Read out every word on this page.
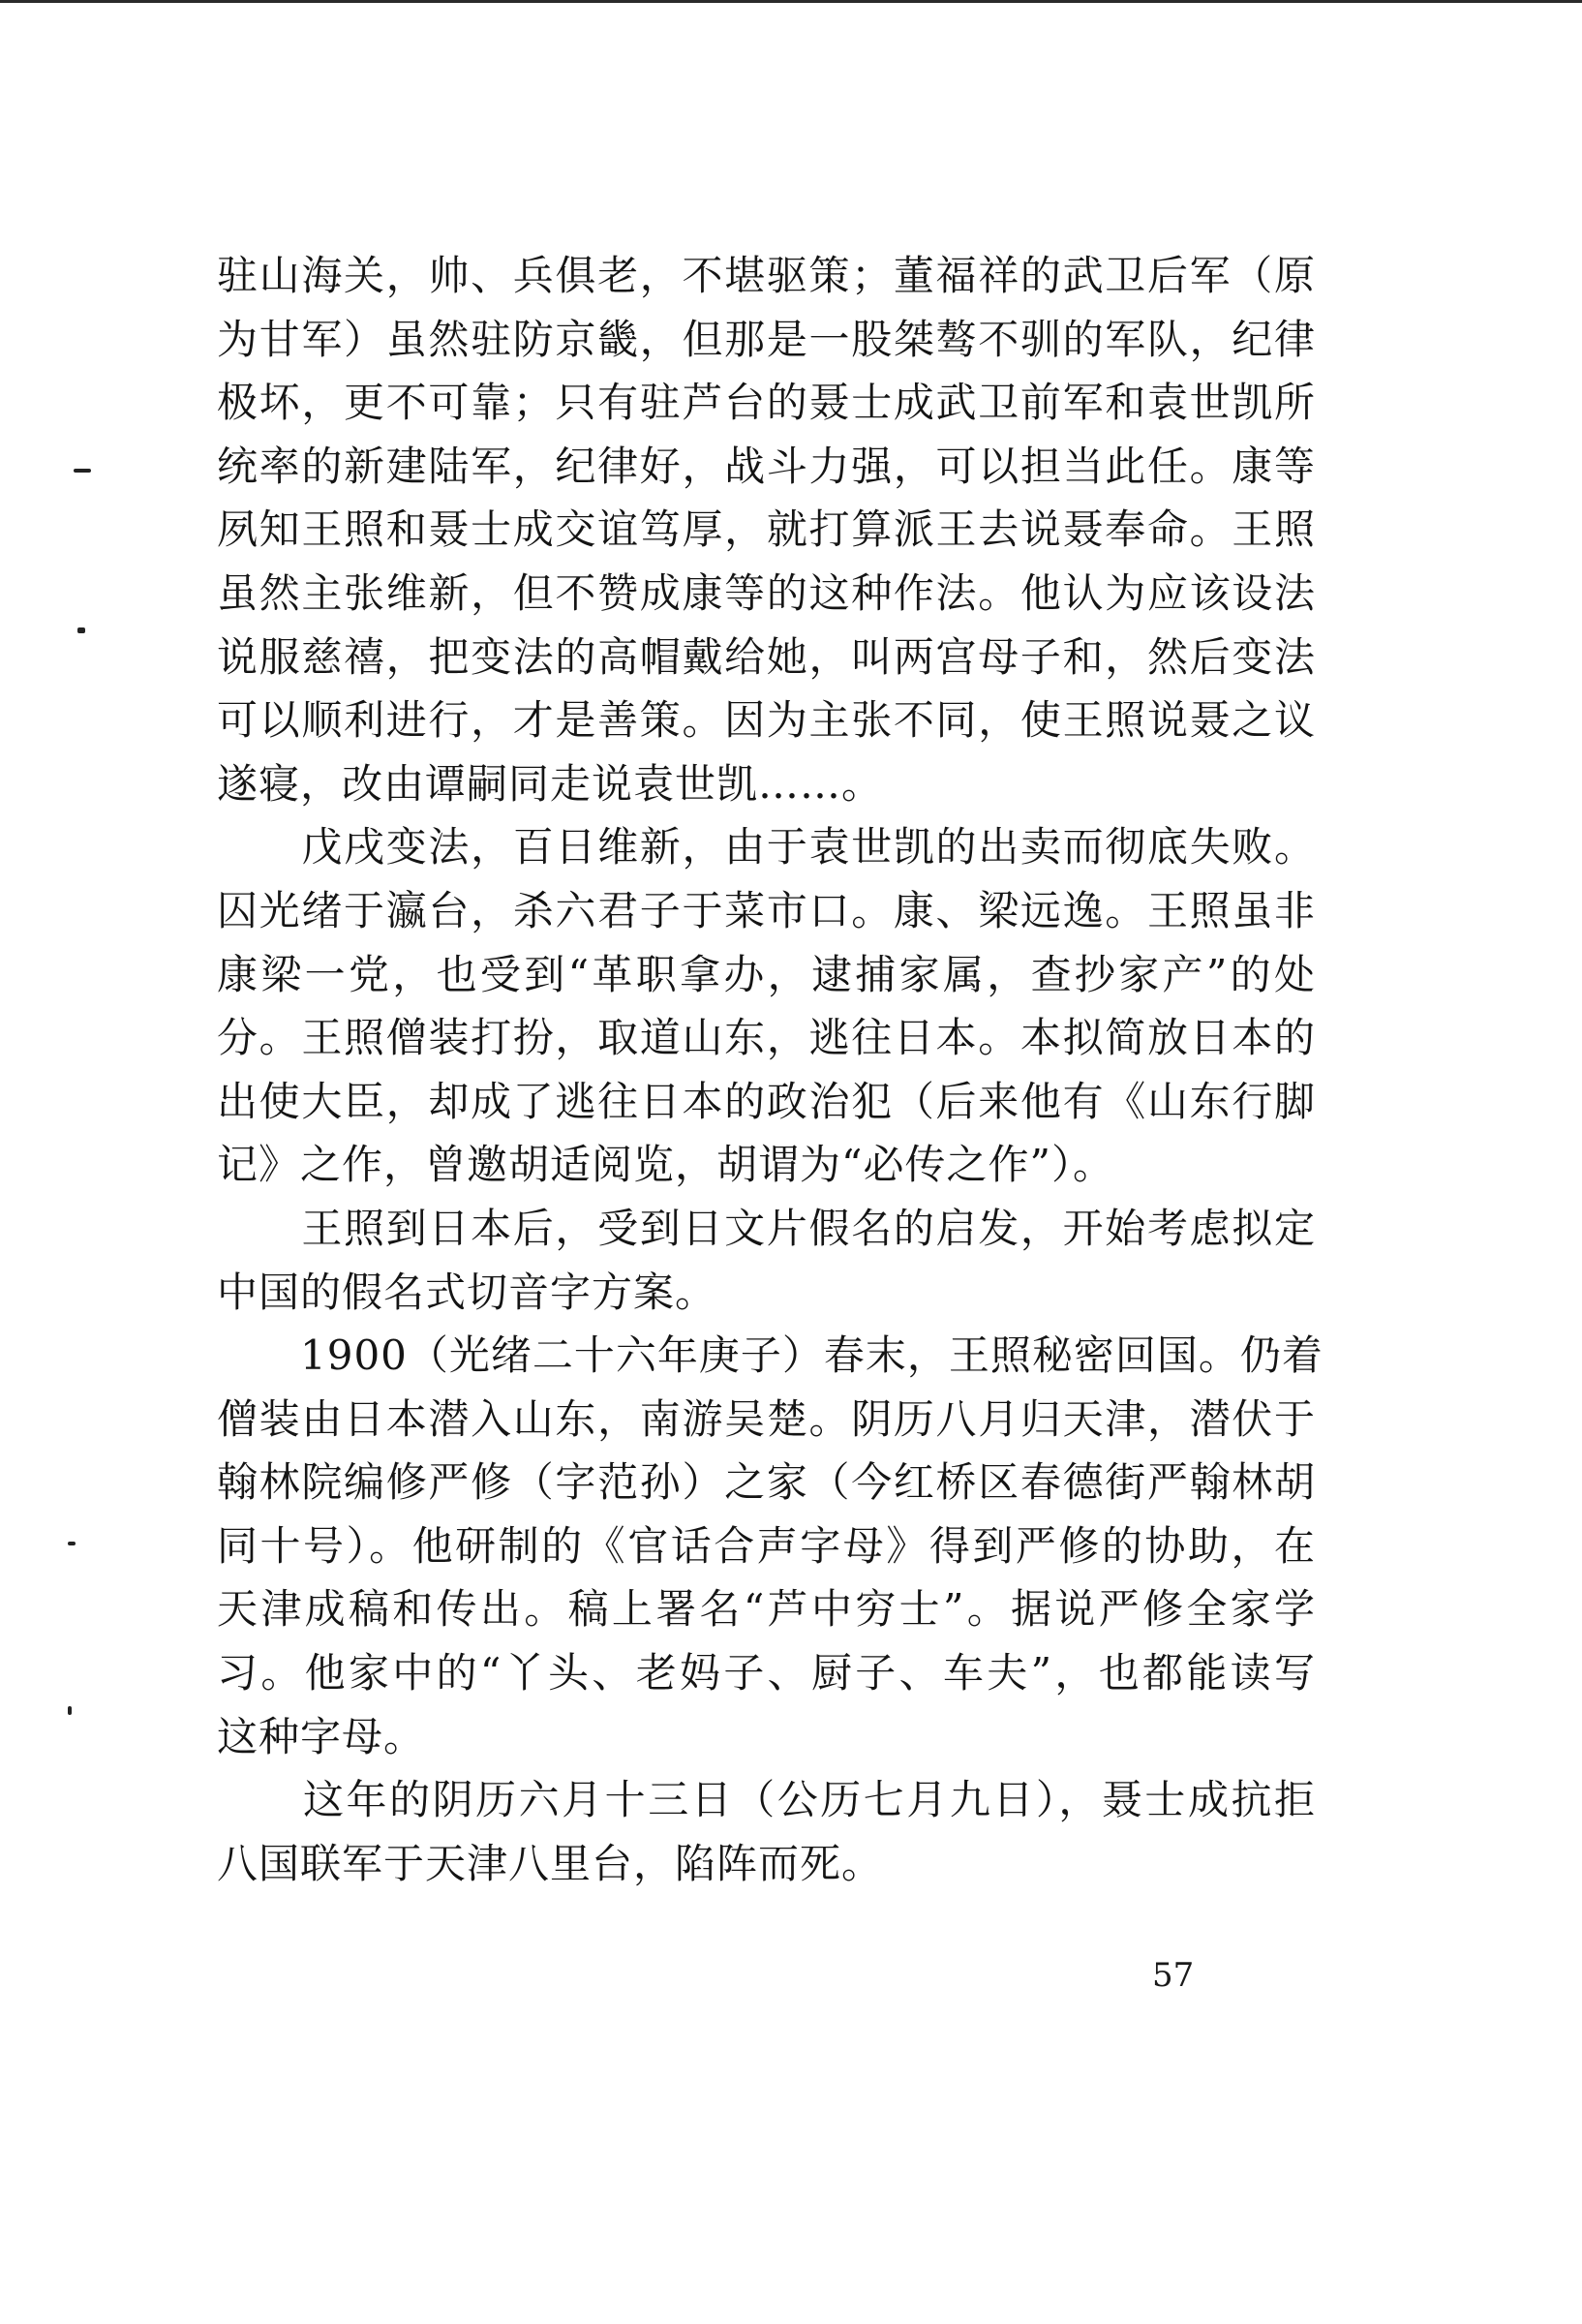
驻山海关，帅、兵俱老，不堪驱策；董福祥的武卫后军（原
为甘军）虽然驻防京畿，但那是一股桀骜不驯的军队，纪律
极坏，更不可靠；只有驻芦台的聂士成武卫前军和袁世凯所
统率的新建陆军，纪律好，战斗力强，可以担当此任。康等
夙知王照和聂士成交谊笃厚，就打算派王去说聂奉命。王照
虽然主张维新，但不赞成康等的这种作法。他认为应该设法
说服慈禧，把变法的高帽戴给她，叫两宫母子和，然后变法
可以顺利进行，才是善策。因为主张不同，使王照说聂之议
遂寝，改由谭嗣同走说袁世凯……。
　　戊戌变法，百日维新，由于袁世凯的出卖而彻底失败。
囚光绪于瀛台，杀六君子于菜市口。康、梁远逸。王照虽非
康梁一党，也受到“革职拿办，逮捕家属，查抄家产”的处
分。王照僧装打扮，取道山东，逃往日本。本拟简放日本的
出使大臣，却成了逃往日本的政治犯（后来他有《山东行脚
记》之作，曾邀胡适阅览，胡谓为“必传之作”）。
　　王照到日本后，受到日文片假名的启发，开始考虑拟定
中国的假名式切音字方案。
　　1900（光绪二十六年庚子）春末，王照秘密回国。仍着
僧装由日本潜入山东，南游吴楚。阴历八月归天津，潜伏于
翰林院编修严修（字范孙）之家（今红桥区春德街严翰林胡
同十号）。他研制的《官话合声字母》得到严修的协助，在
天津成稿和传出。稿上署名“芦中穷士”。据说严修全家学
习。他家中的“丫头、老妈子、厨子、车夫”，也都能读写
这种字母。
　　这年的阴历六月十三日（公历七月九日），聂士成抗拒
八国联军于天津八里台，陷阵而死。
57
